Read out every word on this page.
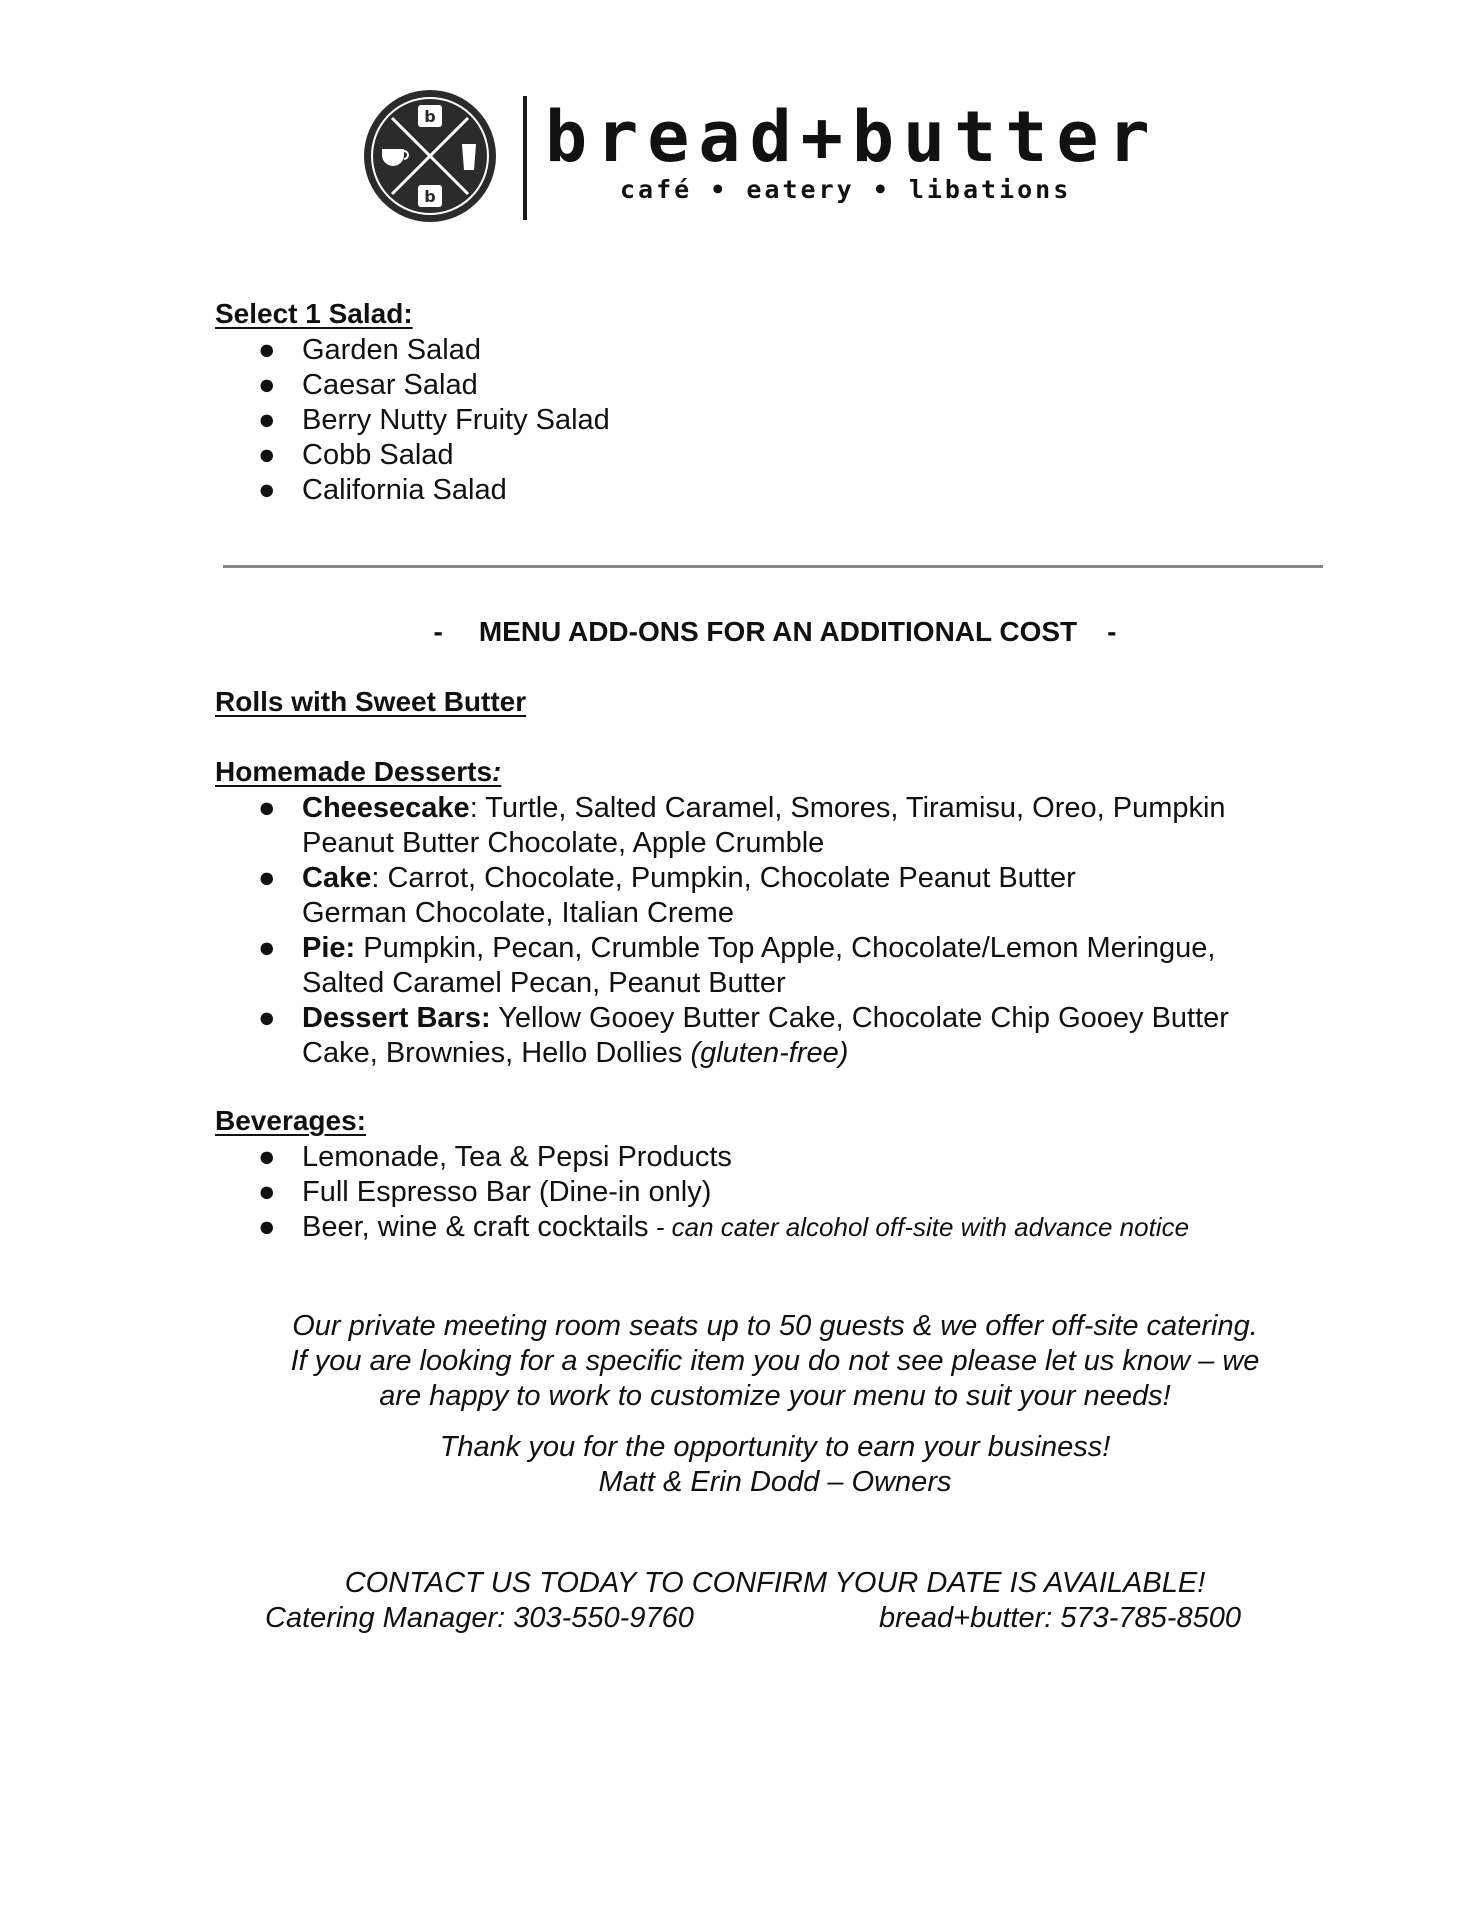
b
b
bread+butter
café • eatery • libations
Select 1 Salad:
● Garden Salad
● Caesar Salad
● Berry Nutty Fruity Salad
● Cobb Salad
● California Salad
- MENU ADD-ONS FOR AN ADDITIONAL COST -
Rolls with Sweet Butter
Homemade Desserts:
● Cheesecake: Turtle, Salted Caramel, Smores, Tiramisu, Oreo, Pumpkin
Peanut Butter Chocolate, Apple Crumble
● Cake: Carrot, Chocolate, Pumpkin, Chocolate Peanut Butter
German Chocolate, Italian Creme
● Pie: Pumpkin, Pecan, Crumble Top Apple, Chocolate/Lemon Meringue,
Salted Caramel Pecan, Peanut Butter
● Dessert Bars: Yellow Gooey Butter Cake, Chocolate Chip Gooey Butter
Cake, Brownies, Hello Dollies (gluten-free)
Beverages:
● Lemonade, Tea & Pepsi Products
● Full Espresso Bar (Dine-in only)
● Beer, wine & craft cocktails - can cater alcohol off-site with advance notice
Our private meeting room seats up to 50 guests & we offer off-site catering.
If you are looking for a specific item you do not see please let us know – we
are happy to work to customize your menu to suit your needs!
Thank you for the opportunity to earn your business!
Matt & Erin Dodd – Owners
CONTACT US TODAY TO CONFIRM YOUR DATE IS AVAILABLE!
Catering Manager: 303-550-9760	bread+butter: 573-785-8500
